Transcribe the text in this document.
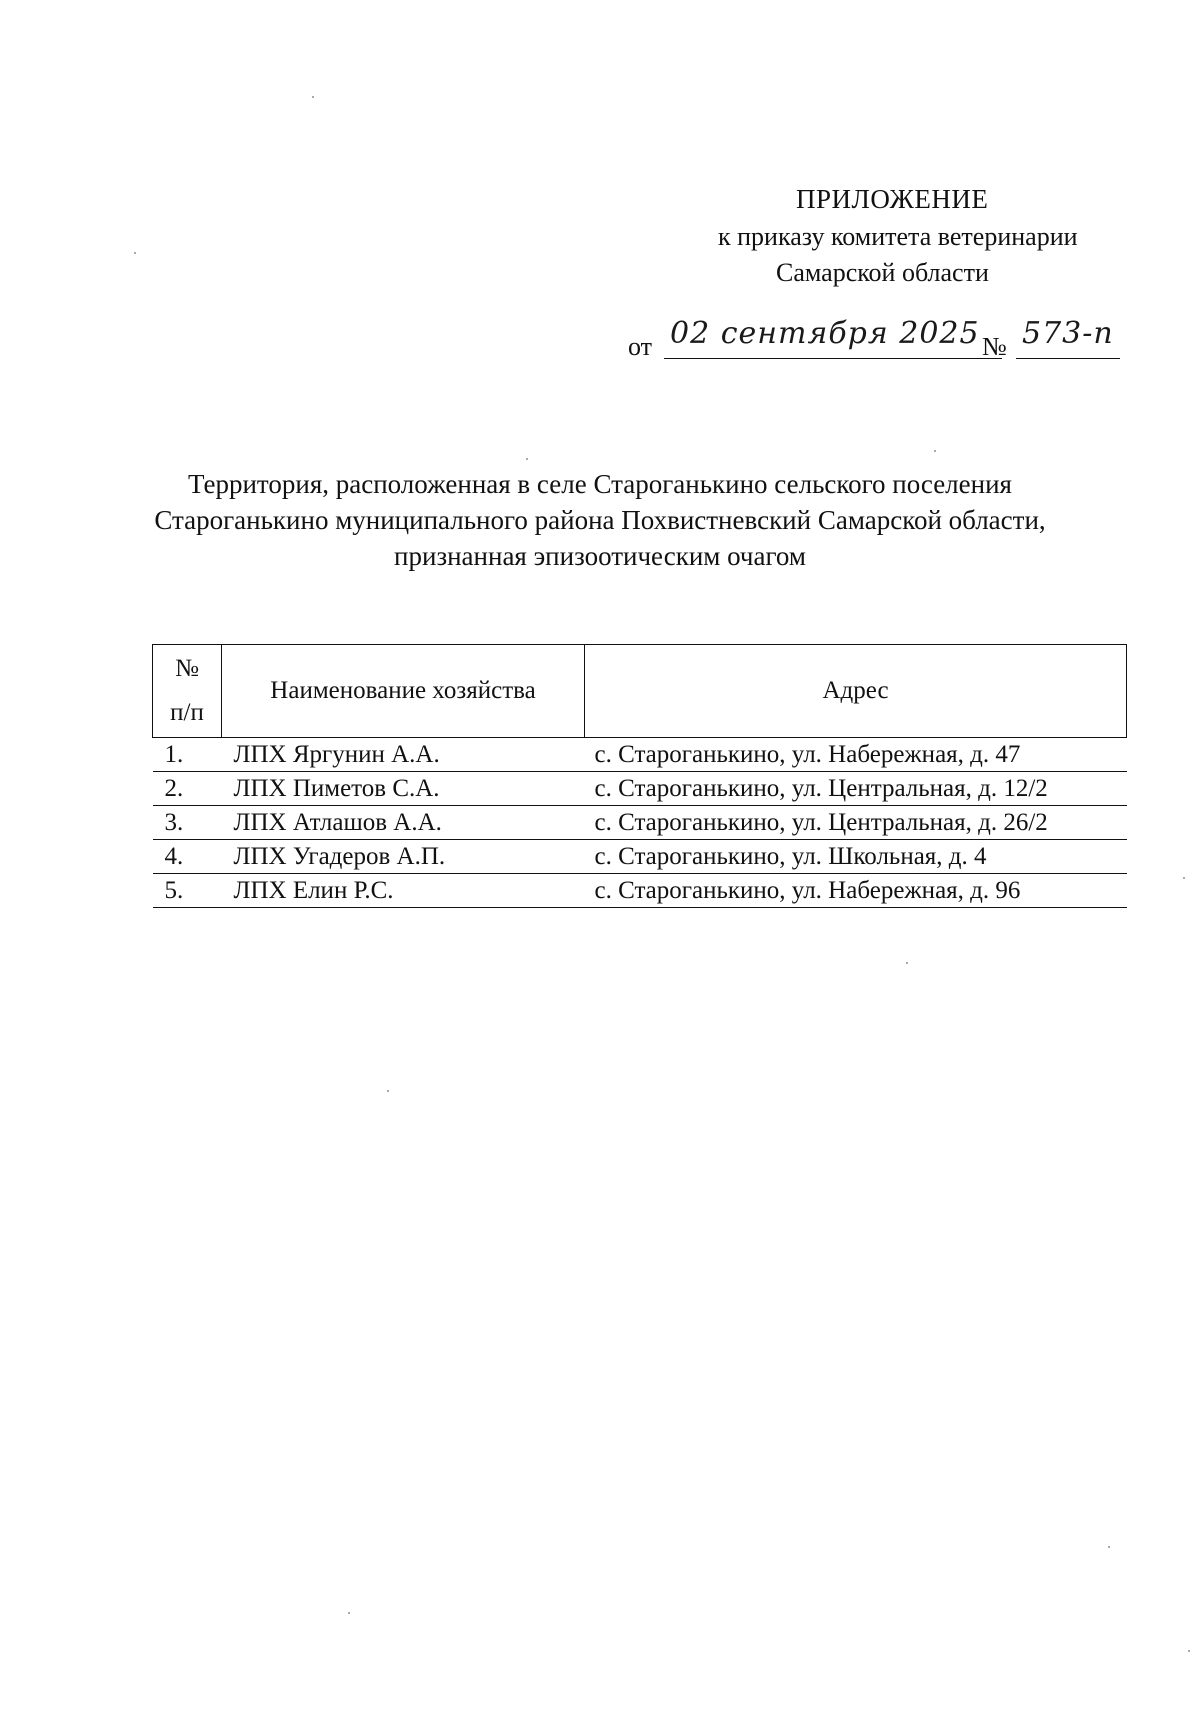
ПРИЛОЖЕНИЕ
к приказу комитета ветеринарии
Самарской области
от 02 сентября 2025 № 573-п
Территория, расположенная в селе Староганькино сельского поселения
Староганькино муниципального района Похвистневский Самарской области,
признанная эпизоотическим очагом
№
п/п	Наименование хозяйства	Адрес
1.	ЛПХ Яргунин А.А.	с. Староганькино, ул. Набережная, д. 47
2.	ЛПХ Пиметов С.А.	с. Староганькино, ул. Центральная, д. 12/2
3.	ЛПХ Атлашов А.А.	с. Староганькино, ул. Центральная, д. 26/2
4.	ЛПХ Угадеров А.П.	с. Староганькино, ул. Школьная, д. 4
5.	ЛПХ Елин Р.С.	с. Староганькино, ул. Набережная, д. 96
